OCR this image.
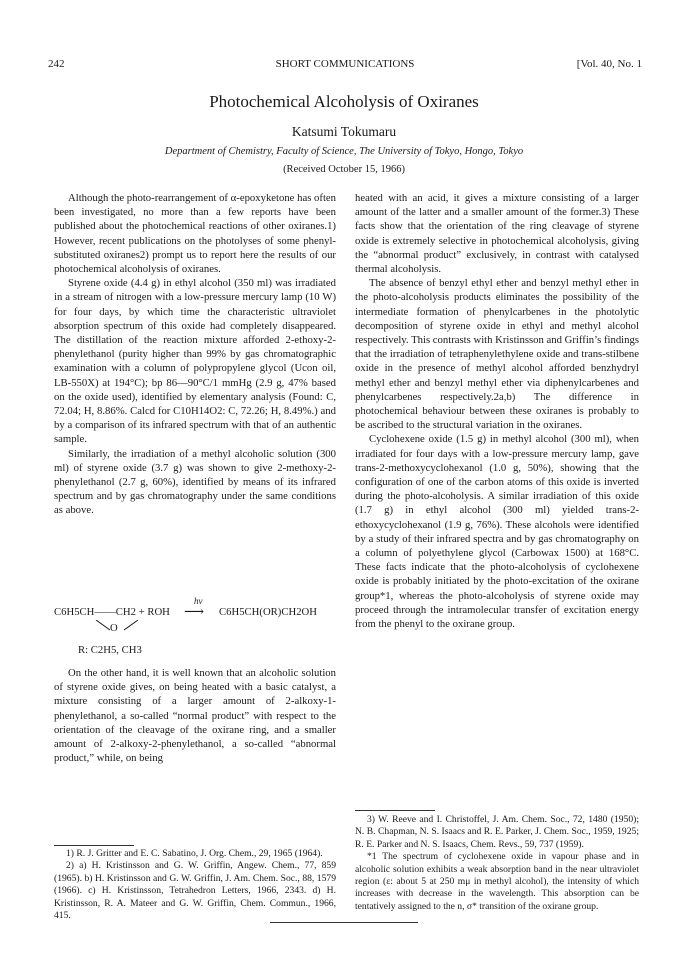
242	SHORT COMMUNICATIONS	[Vol. 40, No. 1
Photochemical Alcoholysis of Oxiranes
Katsumi Tokumaru
Department of Chemistry, Faculty of Science, The University of Tokyo, Hongo, Tokyo
(Received October 15, 1966)

Although the photo-rearrangement of α-epoxyketone has often been investigated, no more than a few reports have been published about the photochemical reactions of other oxiranes.1) However, recent publications on the photolyses of some phenyl-substituted oxiranes2) prompt us to report here the results of our photochemical alcoholysis of oxiranes.

Styrene oxide (4.4 g) in ethyl alcohol (350 ml) was irradiated in a stream of nitrogen with a low-pressure mercury lamp (10 W) for four days, by which time the characteristic ultraviolet absorption spectrum of this oxide had completely disappeared. The distillation of the reaction mixture afforded 2-ethoxy-2-phenylethanol (purity higher than 99% by gas chromatographic examination with a column of polypropylene glycol (Ucon oil, LB-550X) at 194°C); bp 86—90°C/1 mmHg (2.9 g, 47% based on the oxide used), identified by elementary analysis (Found: C, 72.04; H, 8.86%. Calcd for C10H14O2: C, 72.26; H, 8.49%.) and by a comparison of its infrared spectrum with that of an authentic sample.

Similarly, the irradiation of a methyl alcoholic solution (300 ml) of styrene oxide (3.7 g) was shown to give 2-methoxy-2-phenylethanol (2.7 g, 60%), identified by means of its infrared spectrum and by gas chromatography under the same conditions as above.

C6H5CH——CH2 + ROH
hν
⟶ C6H5CH(OR)CH2OH
O
R: C2H5, CH3

On the other hand, it is well known that an alcoholic solution of styrene oxide gives, on being heated with a basic catalyst, a mixture consisting of a larger amount of 2-alkoxy-1-phenylethanol, a so-called “normal product” with respect to the orientation of the cleavage of the oxirane ring, and a smaller amount of 2-alkoxy-2-phenylethanol, a so-called “abnormal product,” while, on being

1) R. J. Gritter and E. C. Sabatino, J. Org. Chem., 29, 1965 (1964).

2) a) H. Kristinsson and G. W. Griffin, Angew. Chem., 77, 859 (1965). b) H. Kristinsson and G. W. Griffin, J. Am. Chem. Soc., 88, 1579 (1966). c) H. Kristinsson, Tetrahedron Letters, 1966, 2343. d) H. Kristinsson, R. A. Mateer and G. W. Griffin, Chem. Commun., 1966, 415.

heated with an acid, it gives a mixture consisting of a larger amount of the latter and a smaller amount of the former.3) These facts show that the orientation of the ring cleavage of styrene oxide is extremely selective in photochemical alcoholysis, giving the “abnormal product” exclusively, in contrast with catalysed thermal alcoholysis.

The absence of benzyl ethyl ether and benzyl methyl ether in the photo-alcoholysis products eliminates the possibility of the intermediate formation of phenylcarbenes in the photolytic decomposition of styrene oxide in ethyl and methyl alcohol respectively. This contrasts with Kristinsson and Griffin’s findings that the irradiation of tetraphenylethylene oxide and trans-stilbene oxide in the presence of methyl alcohol afforded benzhydryl methyl ether and benzyl methyl ether via diphenylcarbenes and phenylcarbenes respectively.2a,b) The difference in photochemical behaviour between these oxiranes is probably to be ascribed to the structural variation in the oxiranes.

Cyclohexene oxide (1.5 g) in methyl alcohol (300 ml), when irradiated for four days with a low-pressure mercury lamp, gave trans-2-methoxycyclohexanol (1.0 g, 50%), showing that the configuration of one of the carbon atoms of this oxide is inverted during the photo-alcoholysis. A similar irradiation of this oxide (1.7 g) in ethyl alcohol (300 ml) yielded trans-2-ethoxycyclohexanol (1.9 g, 76%). These alcohols were identified by a study of their infrared spectra and by gas chromatography on a column of polyethylene glycol (Carbowax 1500) at 168°C. These facts indicate that the photo-alcoholysis of cyclohexene oxide is probably initiated by the photo-excitation of the oxirane group*1, whereas the photo-alcoholysis of styrene oxide may proceed through the intramolecular transfer of excitation energy from the phenyl to the oxirane group.

3) W. Reeve and I. Christoffel, J. Am. Chem. Soc., 72, 1480 (1950); N. B. Chapman, N. S. Isaacs and R. E. Parker, J. Chem. Soc., 1959, 1925; R. E. Parker and N. S. Isaacs, Chem. Revs., 59, 737 (1959).

*1 The spectrum of cyclohexene oxide in vapour phase and in alcoholic solution exhibits a weak absorption band in the near ultraviolet region (ε: about 5 at 250 mμ in methyl alcohol), the intensity of which increases with decrease in the wavelength. This absorption can be tentatively assigned to the n, σ* transition of the oxirane group.
